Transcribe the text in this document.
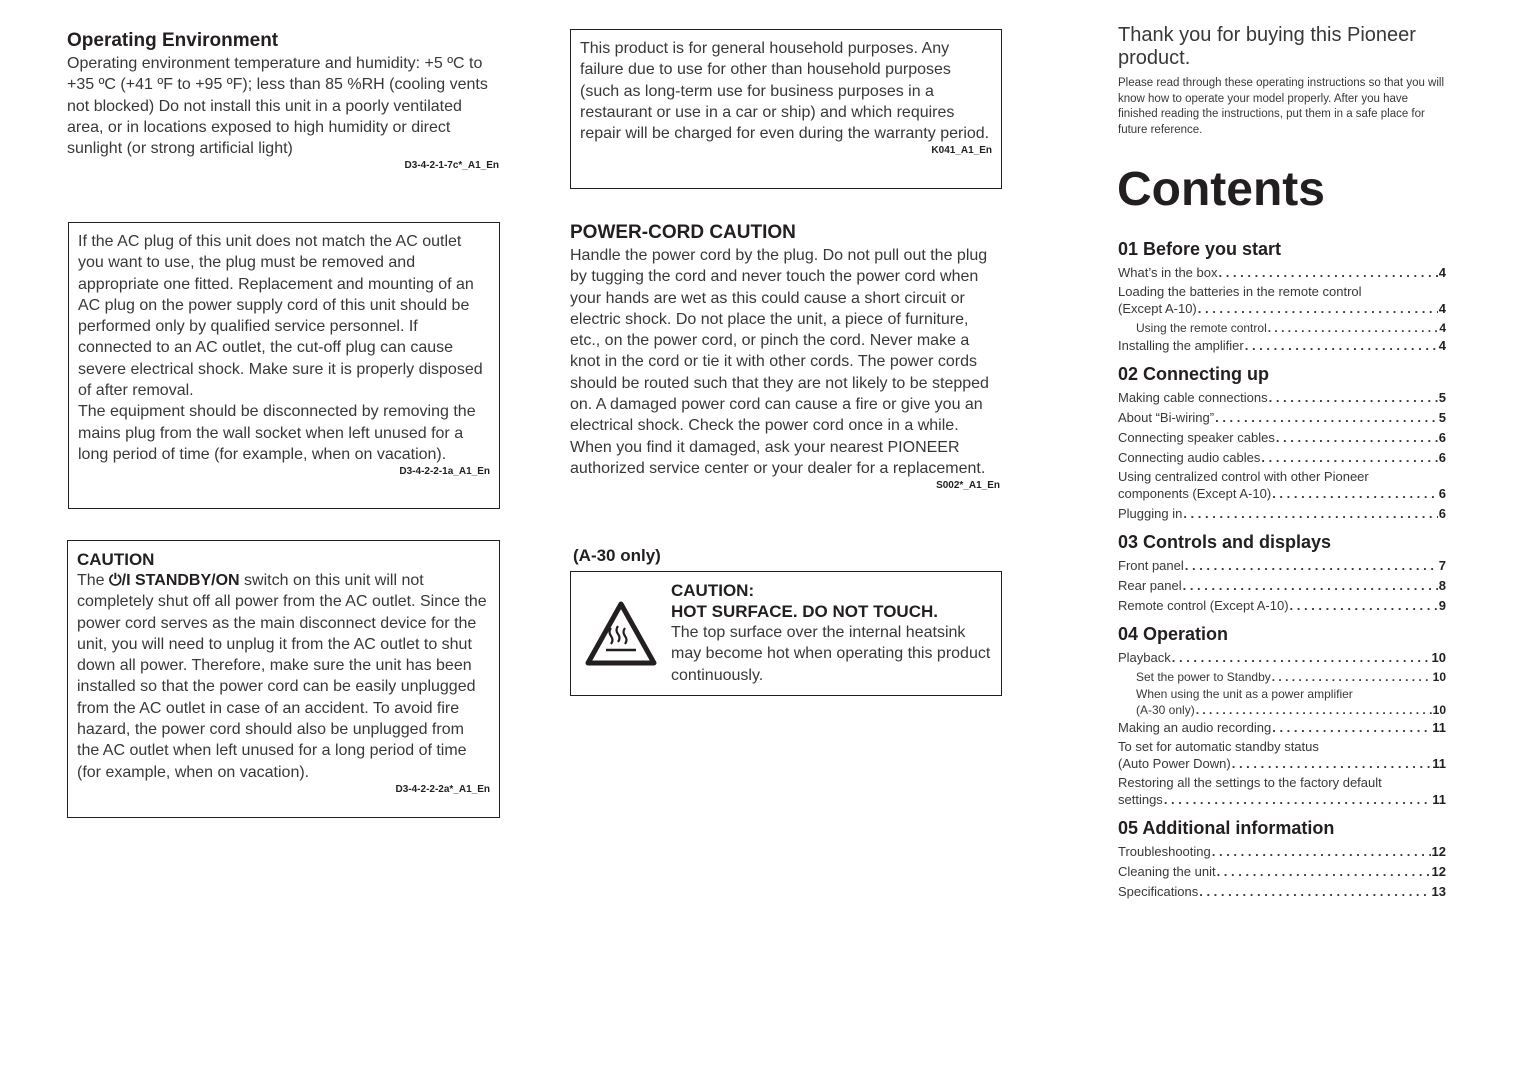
Operating Environment
Operating environment temperature and humidity: +5 ºC to +35 ºC (+41 ºF to +95 ºF); less than 85 %RH (cooling vents not blocked) Do not install this unit in a poorly ventilated area, or in locations exposed to high humidity or direct sunlight (or strong artificial light)
D3-4-2-1-7c*_A1_En
If the AC plug of this unit does not match the AC outlet you want to use, the plug must be removed and appropriate one fitted. Replacement and mounting of an AC plug on the power supply cord of this unit should be performed only by qualified service personnel. If connected to an AC outlet, the cut-off plug can cause severe electrical shock. Make sure it is properly disposed of after removal.
The equipment should be disconnected by removing the mains plug from the wall socket when left unused for a long period of time (for example, when on vacation).
D3-4-2-2-1a_A1_En
CAUTION
The ⏻/I STANDBY/ON switch on this unit will not completely shut off all power from the AC outlet. Since the power cord serves as the main disconnect device for the unit, you will need to unplug it from the AC outlet to shut down all power. Therefore, make sure the unit has been installed so that the power cord can be easily unplugged from the AC outlet in case of an accident. To avoid fire hazard, the power cord should also be unplugged from the AC outlet when left unused for a long period of time (for example, when on vacation).
D3-4-2-2-2a*_A1_En
This product is for general household purposes. Any failure due to use for other than household purposes (such as long-term use for business purposes in a restaurant or use in a car or ship) and which requires repair will be charged for even during the warranty period.
K041_A1_En
POWER-CORD CAUTION
Handle the power cord by the plug. Do not pull out the plug by tugging the cord and never touch the power cord when your hands are wet as this could cause a short circuit or electric shock. Do not place the unit, a piece of furniture, etc., on the power cord, or pinch the cord. Never make a knot in the cord or tie it with other cords. The power cords should be routed such that they are not likely to be stepped on. A damaged power cord can cause a fire or give you an electrical shock. Check the power cord once in a while. When you find it damaged, ask your nearest PIONEER authorized service center or your dealer for a replacement.
S002*_A1_En
(A-30 only)
CAUTION:
HOT SURFACE. DO NOT TOUCH.
The top surface over the internal heatsink may become hot when operating this product continuously.
Thank you for buying this Pioneer product.
Please read through these operating instructions so that you will know how to operate your model properly. After you have finished reading the instructions, put them in a safe place for future reference.
Contents
01 Before you start
What’s in the box . . .	4
Loading the batteries in the remote control
(Except A-10) . . .	4
Using the remote control . . .	4
Installing the amplifier . . .	4
02 Connecting up
Making cable connections . . .	5
About “Bi-wiring” . . .	5
Connecting speaker cables . . .	6
Connecting audio cables . . .	6
Using centralized control with other Pioneer
components (Except A-10) . . .	6
Plugging in . . .	6
03 Controls and displays
Front panel . . .	7
Rear panel . . .	8
Remote control (Except A-10) . . .	9
04 Operation
Playback . . .	10
Set the power to Standby . . .	10
When using the unit as a power amplifier
(A-30 only) . . .	10
Making an audio recording . . .	11
To set for automatic standby status
(Auto Power Down) . . .	11
Restoring all the settings to the factory default
settings . . .	11
05 Additional information
Troubleshooting . . .	12
Cleaning the unit . . .	12
Specifications . . .	13
